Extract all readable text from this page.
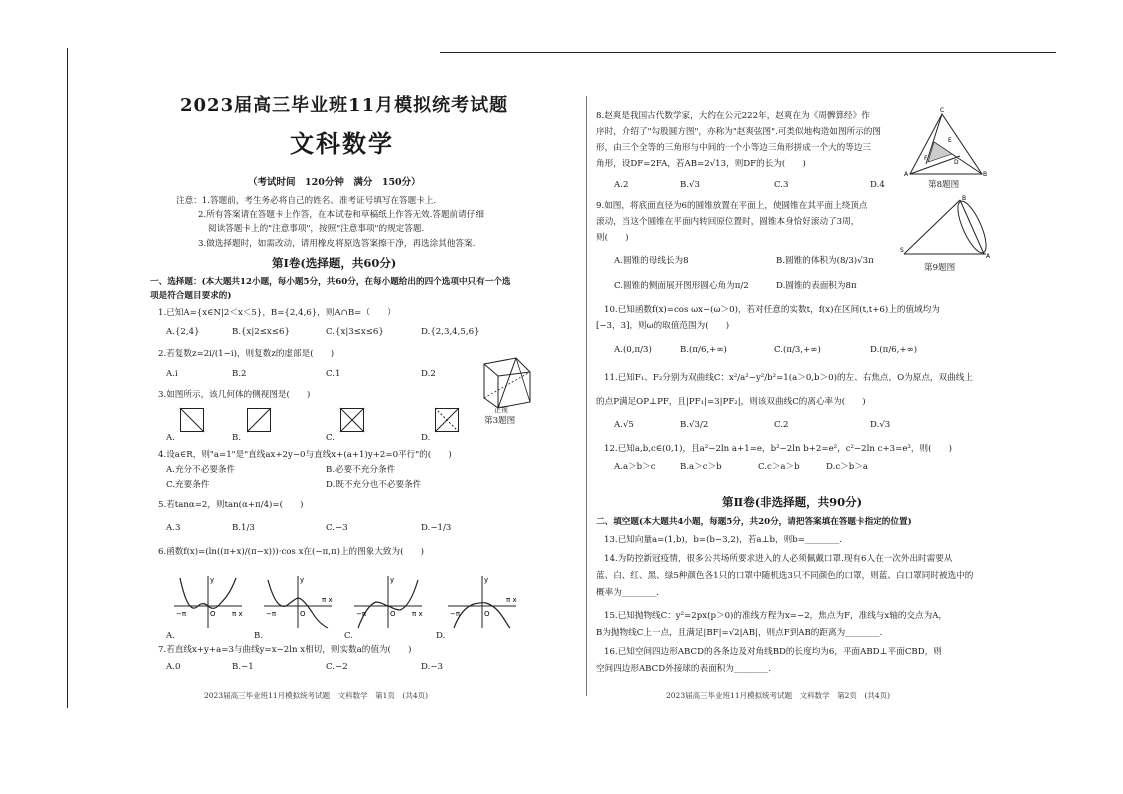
2023届高三毕业班11月模拟统考试题
文科数学
（考试时间　120分钟　满分　150分）
注意：1.答题前，考生务必将自己的姓名、准考证号填写在答题卡上.
2.所有答案请在答题卡上作答，在本试卷和草稿纸上作答无效.答题前请仔细
阅读答题卡上的"注意事项"，按照"注意事项"的规定答题.
3.做选择题时，如需改动，请用橡皮将原选答案擦干净，再选涂其他答案.
第Ⅰ卷(选择题，共60分)
一、选择题：(本大题共12小题，每小题5分，共60分，在每小题给出的四个选项中只有一个选
项是符合题目要求的)
1.已知A={x∈N|2＜x＜5}，B={2,4,6}，则A∩B=（　　）
A.{2,4}	B.{x|2≤x≤6}	C.{x|3≤x≤6}	D.{2,3,4,5,6}
2.若复数z=2i/(1−i)，则复数z的虚部是(　　)
A.i	B.2	C.1	D.2
正视
第3题图
3.如图所示，该几何体的侧视图是(　　)
A.	B.	C.	D.
4.设a∈R，则"a=1"是"直线ax+2y−0与直线x+(a+1)y+2=0平行"的(　　)
A.充分不必要条件	B.必要不充分条件
C.充要条件	D.既不充分也不必要条件
5.若tanα=2，则tan(α+π/4)=(　　)
A.3	B.1/3	C.−3	D.−1/3
6.函数f(x)=(ln((π+x)/(π−x)))·cos x在(−π,π)上的图象大致为(　　)
−π	O π x
y
−π	O
π x
y
−π	O π x
y
−π	O
π x
y
A.	B.	C.	D.
7.若直线x+y+a=3与曲线y=x−2ln x相切，则实数a的值为(　　)
A.0	B.−1	C.−2	D.−3
2023届高三毕业班11月模拟统考试题　文科数学　第1页　(共4页)
8.赵爽是我国古代数学家，大约在公元222年，赵爽在为《周髀算经》作
序时，介绍了"勾股圆方图"，亦称为"赵爽弦图".可类似地构造如图所示的图
形，由三个全等的三角形与中间的一个小等边三角形拼成一个大的等边三
角形，设DF=2FA，若AB=2√13，则DF的长为(　　)
A.2	B.√3	C.3	D.4
C
A	B
E
F
D
第8题图
9.如图，将底面直径为6的圆锥放置在平面上，使圆锥在其平面上绕顶点
滚动，当这个圆锥在平面内转回原位置时，圆锥本身恰好滚动了3周，
则(　　)
S
B
A
第9题图
A.圆锥的母线长为8	B.圆锥的体积为(8/3)√3π
C.圆锥的侧面展开图形圆心角为π/2	D.圆锥的表面积为8π
10.已知函数f(x)=cos ωx−(ω＞0)，若对任意的实数t，f(x)在区间(t,t+6)上的值域均为
[−3，3]，则ω的取值范围为(　　)
A.(0,π/3)	B.(π/6,+∞)	C.(π/3,+∞)	D.(π/6,+∞)
11.已知F₁、F₂分别为双曲线C：x²/a²−y²/b²=1(a＞0,b＞0)的左、右焦点，O为原点，双曲线上
的点P满足OP⊥PF，且|PF₁|=3|PF₂|，则该双曲线C的离心率为(　　)
A.√5	B.√3/2	C.2	D.√3
12.已知a,b,c∈(0,1)，且a²−2ln a+1=e，b²−2ln b+2=e²，c²−2ln c+3=e³，则(　　)
A.a＞b＞c	B.a＞c＞b	C.c＞a＞b	D.c＞b＞a
第Ⅱ卷(非选择题，共90分)
二、填空题(本大题共4小题，每题5分，共20分，请把答案填在答题卡指定的位置)
13.已知向量a=(1,b)，b=(b−3,2)，若a⊥b，则b=________.
14.为防控新冠疫情，很多公共场所要求进入的人必须佩戴口罩.现有6人在一次外出时需要从
蓝、白、红、黑、绿5种颜色各1只的口罩中随机选3只不同颜色的口罩，则蓝、白口罩同时被选中的
概率为________.
15.已知抛物线C：y²=2px(p＞0)的准线方程为x=−2，焦点为F，准线与x轴的交点为A，
B为抛物线C上一点，且满足|BF|=√2|AB|，则点F到AB的距离为________.
16.已知空间四边形ABCD的各条边及对角线BD的长度均为6，平面ABD⊥平面CBD，则
空间四边形ABCD外接球的表面积为________.
2023届高三毕业班11月模拟统考试题　文科数学　第2页　(共4页)
